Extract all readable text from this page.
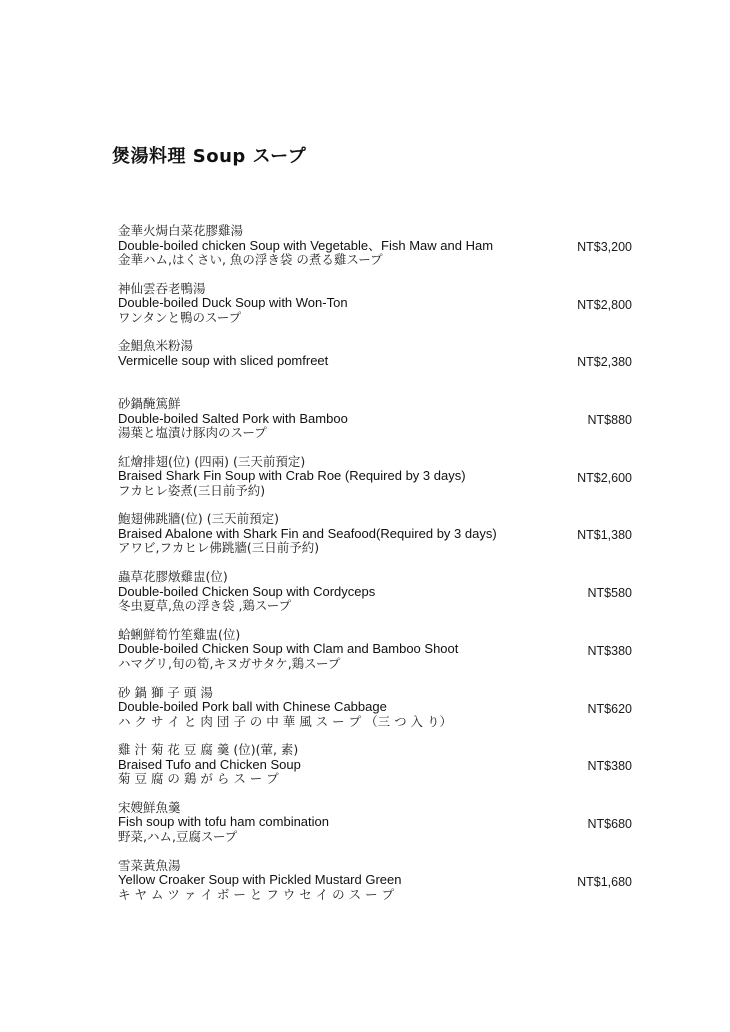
煲湯料理 Soup スープ
金華火焗白菜花膠雞湯
Double-boiled chicken Soup with Vegetable、Fish Maw and Ham
金華ハム,はくさい, 魚の浮き袋 の煮る雞スープ
NT$3,200
神仙雲吞老鴨湯
Double-boiled Duck Soup with Won-Ton
ワンタンと鴨のスープ
NT$2,800
金鯧魚米粉湯
Vermicelle soup with sliced pomfreet	NT$2,380
砂鍋醃篤鮮
Double-boiled Salted Pork with Bamboo
湯葉と塩漬け豚肉のスープ
NT$880
紅燴排翅(位) (四兩) (三天前預定)
Braised Shark Fin Soup with Crab Roe (Required by 3 days)
フカヒレ姿煮(三日前予約)
NT$2,600
鮑翅佛跳牆(位) (三天前預定)
Braised Abalone with Shark Fin and Seafood(Required by 3 days)
アワビ,フカヒレ佛跳牆(三日前予約)
NT$1,380
蟲草花膠燉雞盅(位)
Double-boiled Chicken Soup with Cordyceps
冬虫夏草,魚の浮き袋 ,鶏スープ
NT$580
蛤蜊鮮筍竹笙雞盅(位)
Double-boiled Chicken Soup with Clam and Bamboo Shoot
ハマグリ,旬の筍,キヌガサタケ,鶏スープ
NT$380
砂 鍋 獅 子 頭 湯
Double-boiled Pork ball with Chinese Cabbage
ハ ク サ イ と 肉 団 子 の 中 華 風 ス ー プ （三 つ 入 り）
NT$620
雞 汁 菊 花 豆 腐 羹 (位)(葷, 素)
Braised Tufo and Chicken Soup
菊 豆 腐 の 鶏 が ら ス ー プ
NT$380
宋嫂鮮魚羹
Fish soup with tofu ham combination
野菜,ハム,豆腐スープ
NT$680
雪菜黃魚湯
Yellow Croaker Soup with Pickled Mustard Green
キ ヤ ム ツ ァ イ ボ ー と フ ウ セ イ の ス ー プ
NT$1,680
